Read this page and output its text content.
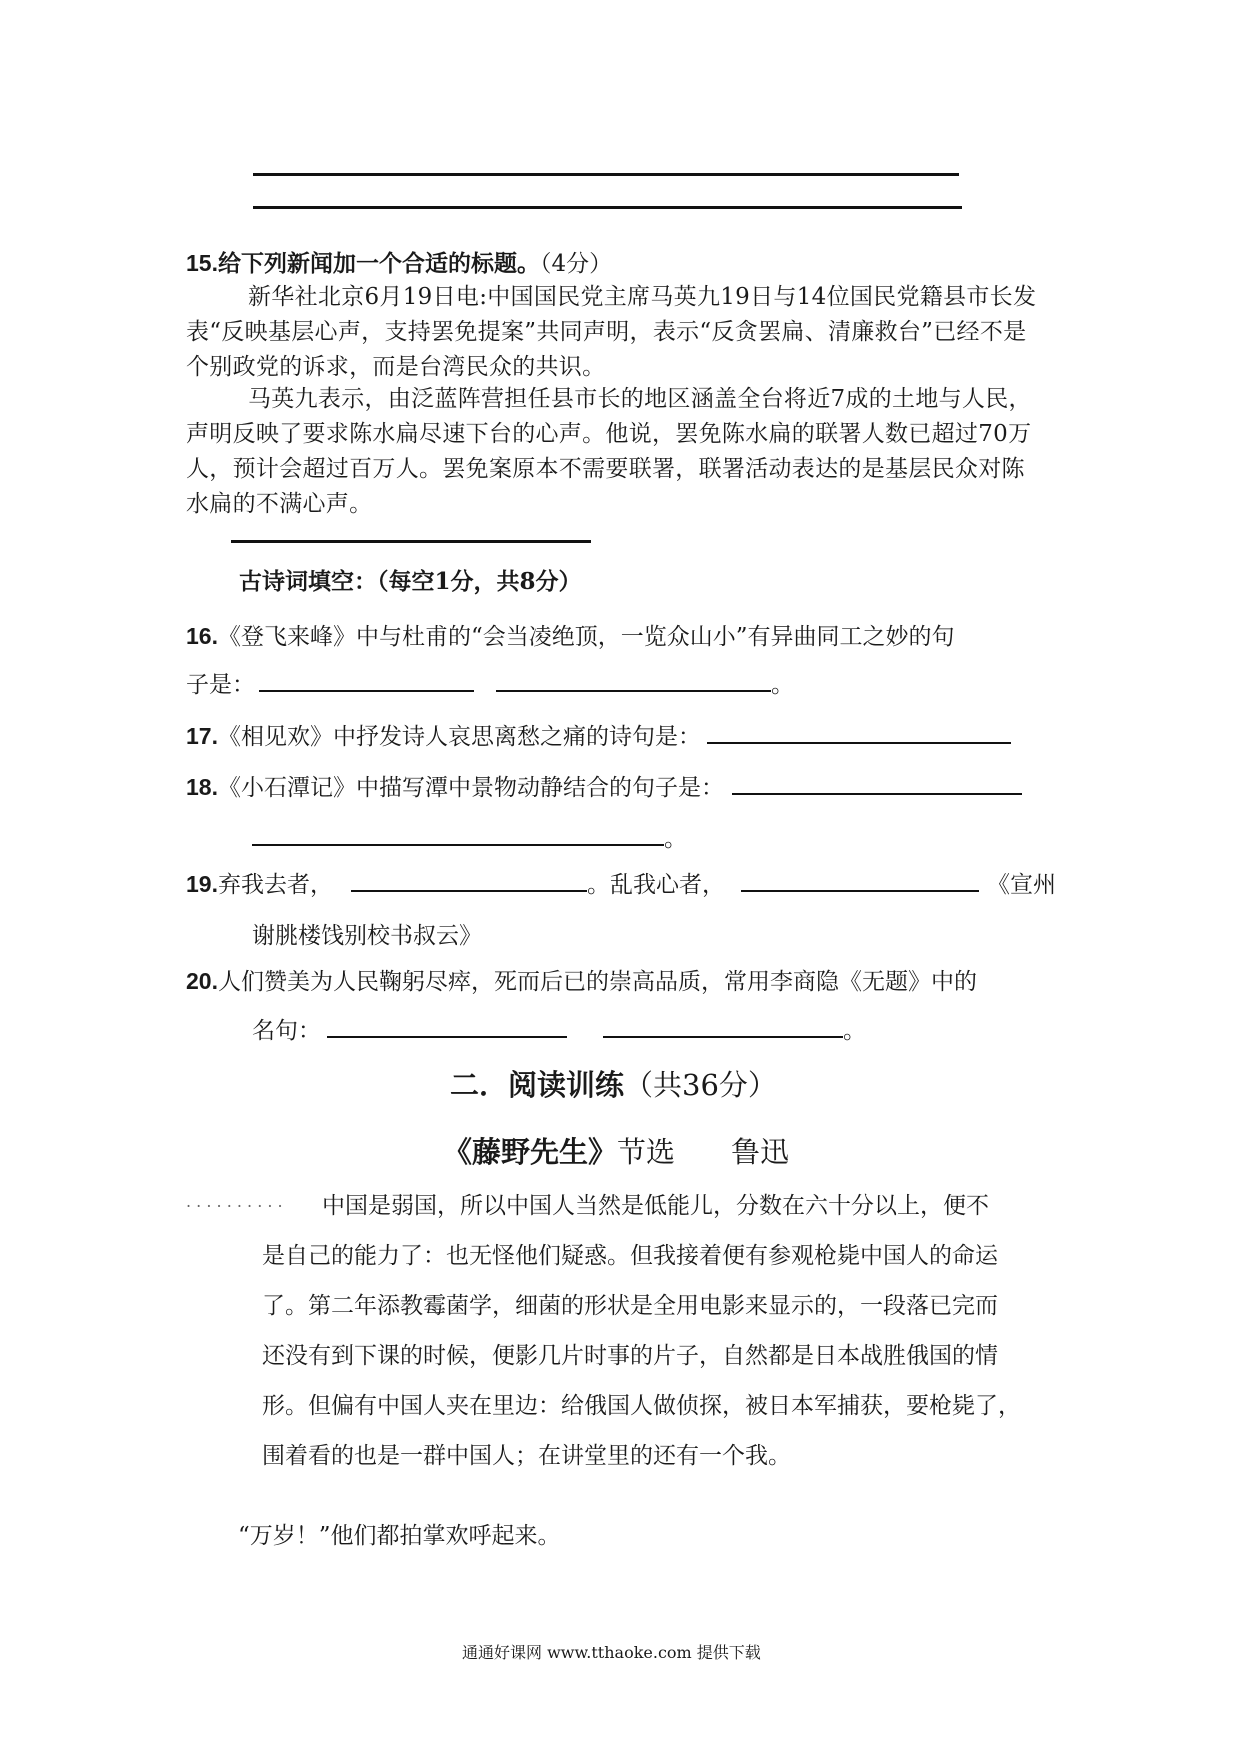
15.给下列新闻加一个合适的标题。（4分）
新华社北京6月19日电:中国国民党主席马英九19日与14位国民党籍县市长发表“反映基层心声，支持罢免提案”共同声明，表示“反贪罢扁、清廉救台”已经不是个别政党的诉求，而是台湾民众的共识。
马英九表示，由泛蓝阵营担任县市长的地区涵盖全台将近7成的土地与人民，声明反映了要求陈水扁尽速下台的心声。他说，罢免陈水扁的联署人数已超过70万人，预计会超过百万人。罢免案原本不需要联署，联署活动表达的是基层民众对陈水扁的不满心声。
古诗词填空：（每空1分，共8分）
16.《登飞来峰》中与杜甫的“会当凌绝顶，一览众山小”有异曲同工之妙的句
子是：	。
17.《相见欢》中抒发诗人哀思离愁之痛的诗句是：
18.《小石潭记》中描写潭中景物动静结合的句子是：
。
19.弃我去者，	。乱我心者，	《宣州
谢朓楼饯别校书叔云》
20.人们赞美为人民鞠躬尽瘁，死而后已的崇高品质，常用李商隐《无题》中的
名句：	。
二．阅读训练（共36分）
《藤野先生》节选 鲁迅
. . . . . . . . . . 中国是弱国，所以中国人当然是低能儿，分数在六十分以上，便不
是自己的能力了：也无怪他们疑惑。但我接着便有参观枪毙中国人的命运
了。第二年添教霉菌学，细菌的形状是全用电影来显示的，一段落已完而
还没有到下课的时候，便影几片时事的片子，自然都是日本战胜俄国的情
形。但偏有中国人夹在里边：给俄国人做侦探，被日本军捕获，要枪毙了，
围着看的也是一群中国人；在讲堂里的还有一个我。
“万岁！”他们都拍掌欢呼起来。
通通好课网 www.tthaoke.com 提供下载
